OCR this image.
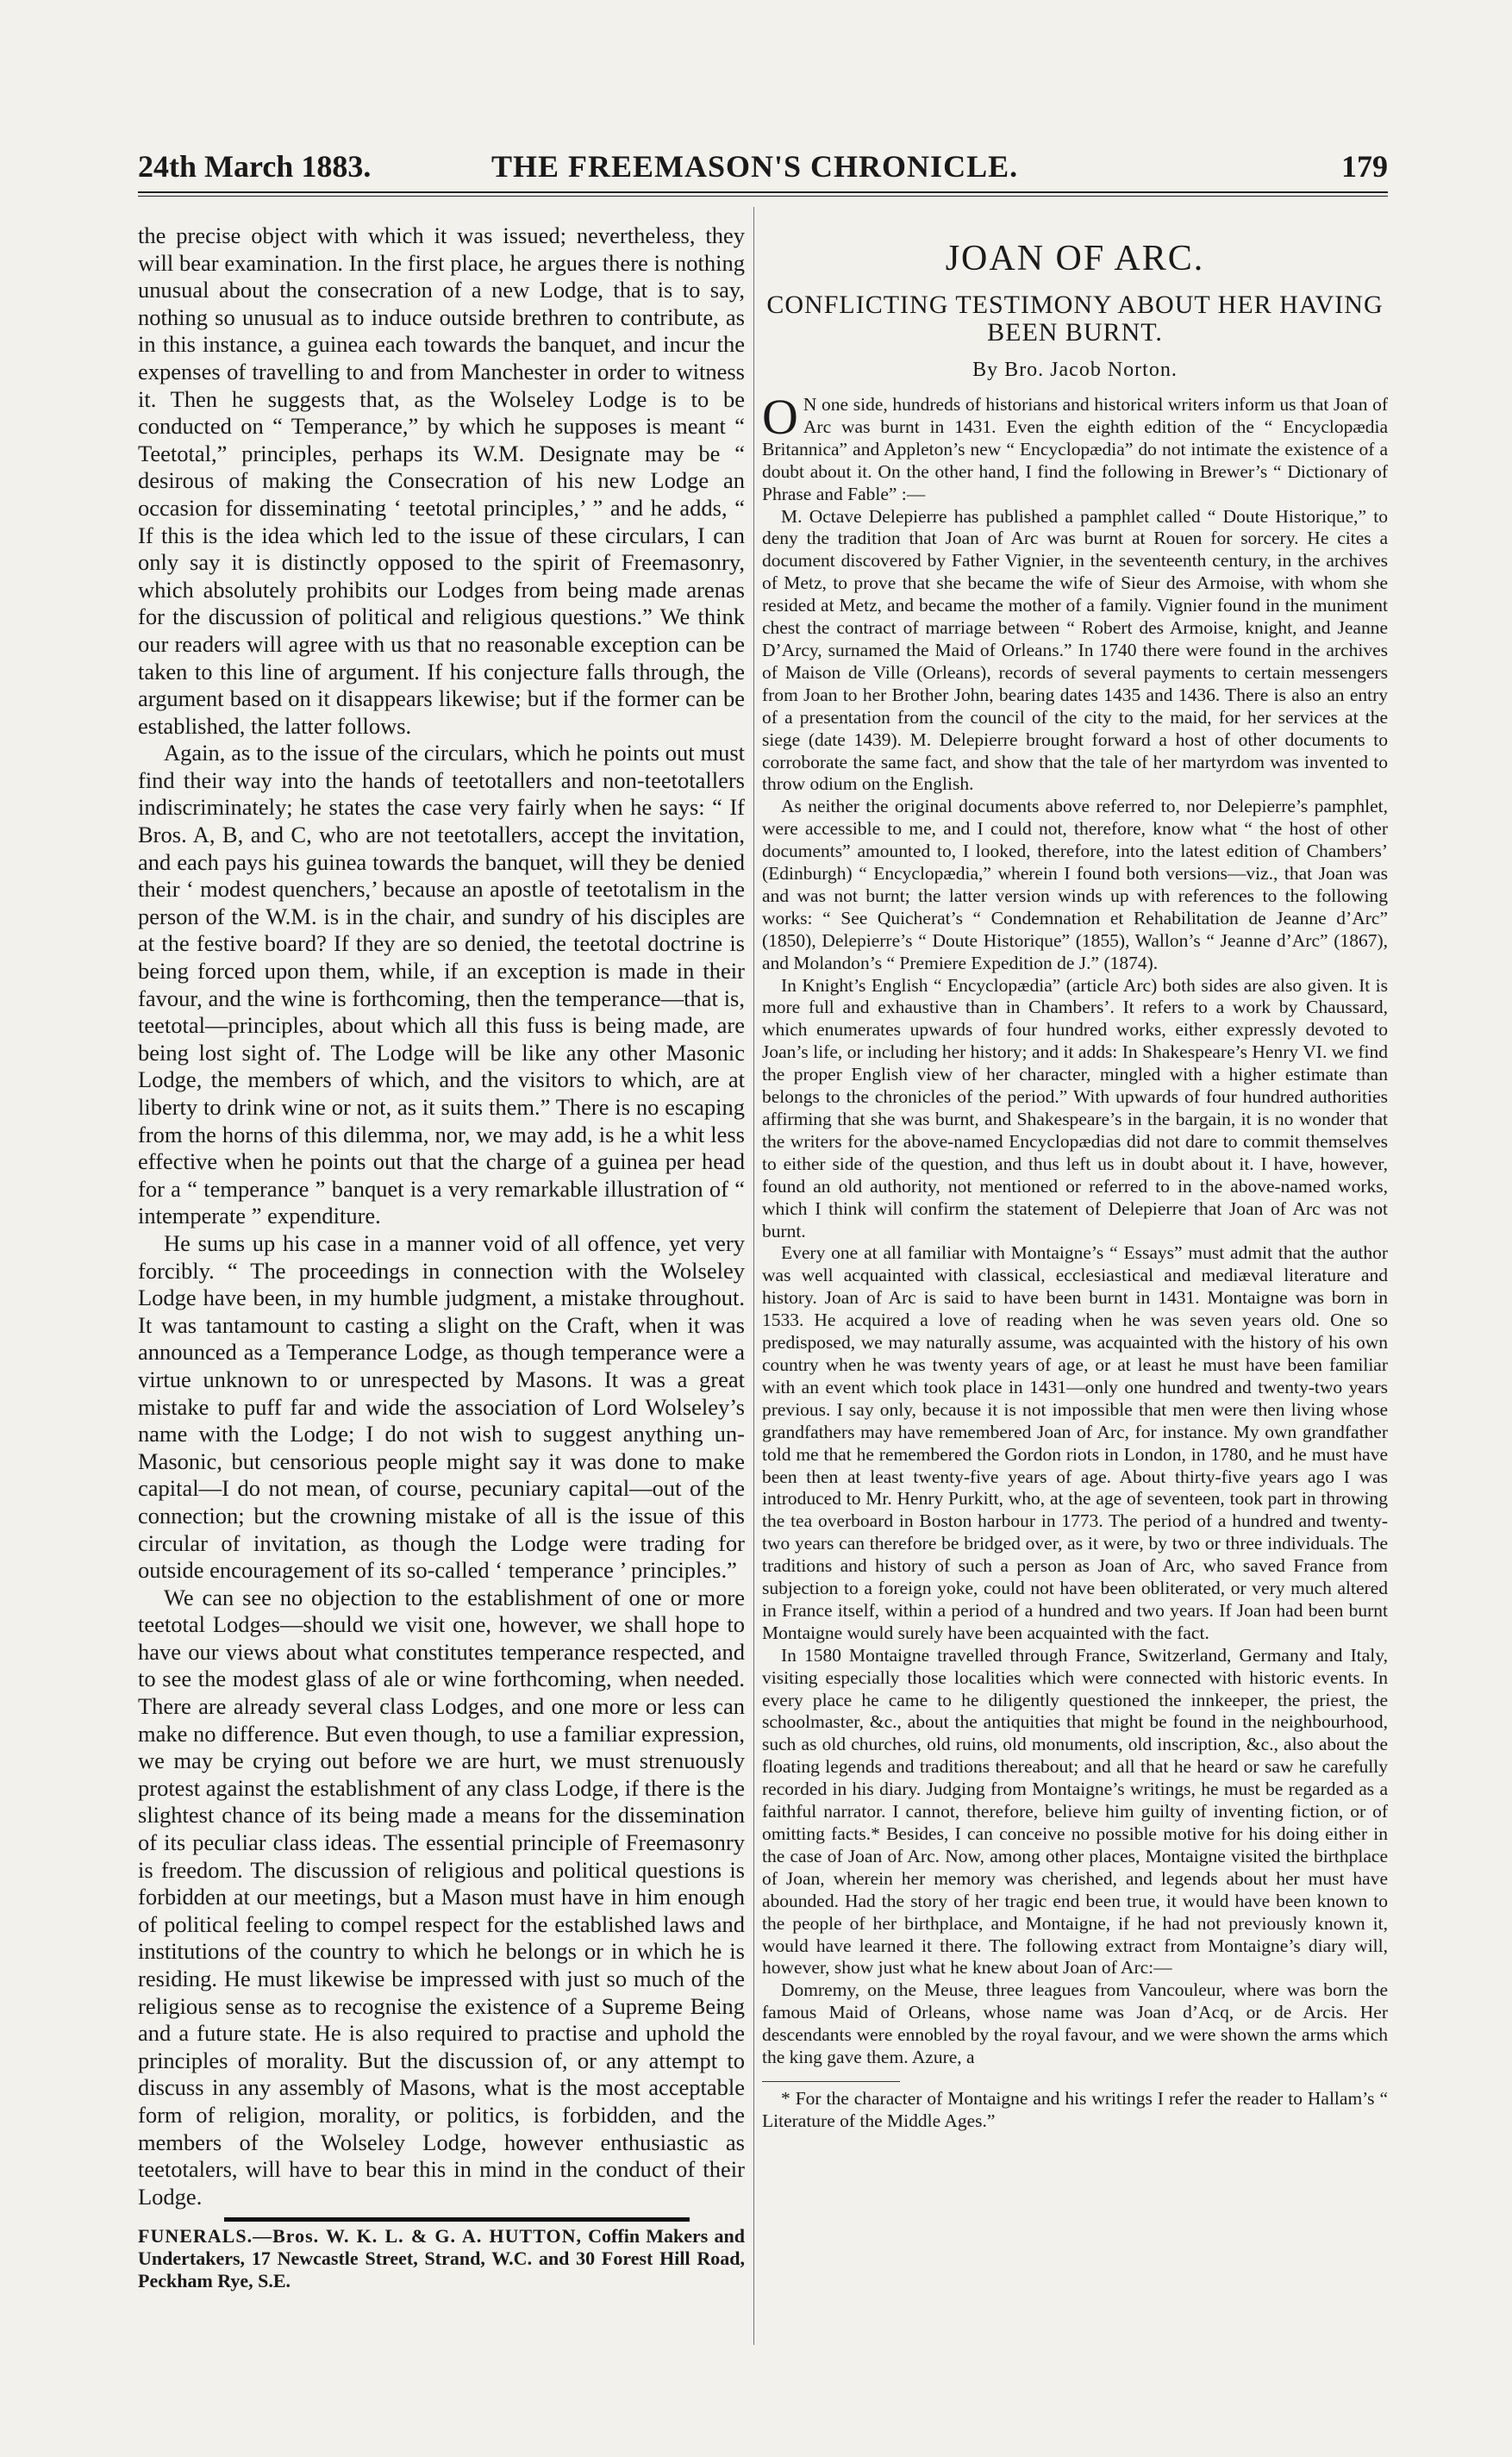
24th March 1883.	THE FREEMASON'S CHRONICLE.	179

the precise object with which it was issued; nevertheless, they will bear examination. In the first place, he argues there is nothing unusual about the consecration of a new Lodge, that is to say, nothing so unusual as to induce outside brethren to contribute, as in this instance, a guinea each towards the banquet, and incur the expenses of travelling to and from Manchester in order to witness it. Then he suggests that, as the Wolseley Lodge is to be conducted on “ Temperance,” by which he supposes is meant “ Teetotal,” principles, perhaps its W.M. Designate may be “ desirous of making the Consecration of his new Lodge an occasion for disseminating ‘ teetotal principles,’ ” and he adds, “ If this is the idea which led to the issue of these circulars, I can only say it is distinctly opposed to the spirit of Freemasonry, which absolutely prohibits our Lodges from being made arenas for the discussion of political and religious questions.” We think our readers will agree with us that no reasonable exception can be taken to this line of argument. If his conjecture falls through, the argument based on it disappears likewise; but if the former can be established, the latter follows.

Again, as to the issue of the circulars, which he points out must find their way into the hands of teetotallers and non-teetotallers indiscriminately; he states the case very fairly when he says: “ If Bros. A, B, and C, who are not teetotallers, accept the invitation, and each pays his guinea towards the banquet, will they be denied their ‘ modest quenchers,’ because an apostle of teetotalism in the person of the W.M. is in the chair, and sundry of his disciples are at the festive board? If they are so denied, the teetotal doctrine is being forced upon them, while, if an exception is made in their favour, and the wine is forthcoming, then the temperance—that is, teetotal—principles, about which all this fuss is being made, are being lost sight of. The Lodge will be like any other Masonic Lodge, the members of which, and the visitors to which, are at liberty to drink wine or not, as it suits them.” There is no escaping from the horns of this dilemma, nor, we may add, is he a whit less effective when he points out that the charge of a guinea per head for a “ temperance ” banquet is a very remarkable illustration of “ intemperate ” expenditure.

He sums up his case in a manner void of all offence, yet very forcibly. “ The proceedings in connection with the Wolseley Lodge have been, in my humble judgment, a mistake throughout. It was tantamount to casting a slight on the Craft, when it was announced as a Temperance Lodge, as though temperance were a virtue unknown to or unrespected by Masons. It was a great mistake to puff far and wide the association of Lord Wolseley’s name with the Lodge; I do not wish to suggest anything un-Masonic, but censorious people might say it was done to make capital—I do not mean, of course, pecuniary capital—out of the connection; but the crowning mistake of all is the issue of this circular of invitation, as though the Lodge were trading for outside encouragement of its so-called ‘ temperance ’ principles.”

We can see no objection to the establishment of one or more teetotal Lodges—should we visit one, however, we shall hope to have our views about what constitutes temperance respected, and to see the modest glass of ale or wine forthcoming, when needed. There are already several class Lodges, and one more or less can make no difference. But even though, to use a familiar expression, we may be crying out before we are hurt, we must strenuously protest against the establishment of any class Lodge, if there is the slightest chance of its being made a means for the dissemination of its peculiar class ideas. The essential principle of Freemasonry is freedom. The discussion of religious and political questions is forbidden at our meetings, but a Mason must have in him enough of political feeling to compel respect for the established laws and institutions of the country to which he belongs or in which he is residing. He must likewise be impressed with just so much of the religious sense as to recognise the existence of a Supreme Being and a future state. He is also required to practise and uphold the principles of morality. But the discussion of, or any attempt to discuss in any assembly of Masons, what is the most acceptable form of religion, morality, or politics, is forbidden, and the members of the Wolseley Lodge, however enthusiastic as teetotalers, will have to bear this in mind in the conduct of their Lodge.

FUNERALS.—Bros. W. K. L. & G. A. HUTTON, Coffin Makers and Undertakers, 17 Newcastle Street, Strand, W.C. and 30 Forest Hill Road, Peckham Rye, S.E.

JOAN OF ARC.
CONFLICTING TESTIMONY ABOUT HER HAVING BEEN BURNT.
By Bro. Jacob Norton.

O N one side, hundreds of historians and historical writers inform us that Joan of Arc was burnt in 1431. Even the eighth edition of the “ Encyclopædia Britannica” and Appleton’s new “ Encyclopædia” do not intimate the existence of a doubt about it. On the other hand, I find the following in Brewer’s “ Dictionary of Phrase and Fable” :—

M. Octave Delepierre has published a pamphlet called “ Doute Historique,” to deny the tradition that Joan of Arc was burnt at Rouen for sorcery. He cites a document discovered by Father Vignier, in the seventeenth century, in the archives of Metz, to prove that she became the wife of Sieur des Armoise, with whom she resided at Metz, and became the mother of a family. Vignier found in the muniment chest the contract of marriage between “ Robert des Armoise, knight, and Jeanne D’Arcy, surnamed the Maid of Orleans.” In 1740 there were found in the archives of Maison de Ville (Orleans), records of several payments to certain messengers from Joan to her Brother John, bearing dates 1435 and 1436. There is also an entry of a presentation from the council of the city to the maid, for her services at the siege (date 1439). M. Delepierre brought forward a host of other documents to corroborate the same fact, and show that the tale of her martyrdom was invented to throw odium on the English.

As neither the original documents above referred to, nor Delepierre’s pamphlet, were accessible to me, and I could not, therefore, know what “ the host of other documents” amounted to, I looked, therefore, into the latest edition of Chambers’ (Edinburgh) “ Encyclopædia,” wherein I found both versions—viz., that Joan was and was not burnt; the latter version winds up with references to the following works: “ See Quicherat’s “ Condemnation et Rehabilitation de Jeanne d’Arc” (1850), Delepierre’s “ Doute Historique” (1855), Wallon’s “ Jeanne d’Arc” (1867), and Molandon’s “ Premiere Expedition de J.” (1874).

In Knight’s English “ Encyclopædia” (article Arc) both sides are also given. It is more full and exhaustive than in Chambers’. It refers to a work by Chaussard, which enumerates upwards of four hundred works, either expressly devoted to Joan’s life, or including her history; and it adds: In Shakespeare’s Henry VI. we find the proper English view of her character, mingled with a higher estimate than belongs to the chronicles of the period.” With upwards of four hundred authorities affirming that she was burnt, and Shakespeare’s in the bargain, it is no wonder that the writers for the above-named Encyclopædias did not dare to commit themselves to either side of the question, and thus left us in doubt about it. I have, however, found an old authority, not mentioned or referred to in the above-named works, which I think will confirm the statement of Delepierre that Joan of Arc was not burnt.

Every one at all familiar with Montaigne’s “ Essays” must admit that the author was well acquainted with classical, ecclesiastical and mediæval literature and history. Joan of Arc is said to have been burnt in 1431. Montaigne was born in 1533. He acquired a love of reading when he was seven years old. One so predisposed, we may naturally assume, was acquainted with the history of his own country when he was twenty years of age, or at least he must have been familiar with an event which took place in 1431—only one hundred and twenty-two years previous. I say only, because it is not impossible that men were then living whose grandfathers may have remembered Joan of Arc, for instance. My own grandfather told me that he remembered the Gordon riots in London, in 1780, and he must have been then at least twenty-five years of age. About thirty-five years ago I was introduced to Mr. Henry Purkitt, who, at the age of seventeen, took part in throwing the tea overboard in Boston harbour in 1773. The period of a hundred and twenty-two years can therefore be bridged over, as it were, by two or three individuals. The traditions and history of such a person as Joan of Arc, who saved France from subjection to a foreign yoke, could not have been obliterated, or very much altered in France itself, within a period of a hundred and two years. If Joan had been burnt Montaigne would surely have been acquainted with the fact.

In 1580 Montaigne travelled through France, Switzerland, Germany and Italy, visiting especially those localities which were connected with historic events. In every place he came to he diligently questioned the innkeeper, the priest, the schoolmaster, &c., about the antiquities that might be found in the neighbourhood, such as old churches, old ruins, old monuments, old inscription, &c., also about the floating legends and traditions thereabout; and all that he heard or saw he carefully recorded in his diary. Judging from Montaigne’s writings, he must be regarded as a faithful narrator. I cannot, therefore, believe him guilty of inventing fiction, or of omitting facts.* Besides, I can conceive no possible motive for his doing either in the case of Joan of Arc. Now, among other places, Montaigne visited the birthplace of Joan, wherein her memory was cherished, and legends about her must have abounded. Had the story of her tragic end been true, it would have been known to the people of her birthplace, and Montaigne, if he had not previously known it, would have learned it there. The following extract from Montaigne’s diary will, however, show just what he knew about Joan of Arc:—

Domremy, on the Meuse, three leagues from Vancouleur, where was born the famous Maid of Orleans, whose name was Joan d’Acq, or de Arcis. Her descendants were ennobled by the royal favour, and we were shown the arms which the king gave them. Azure, a

* For the character of Montaigne and his writings I refer the reader to Hallam’s “ Literature of the Middle Ages.”
